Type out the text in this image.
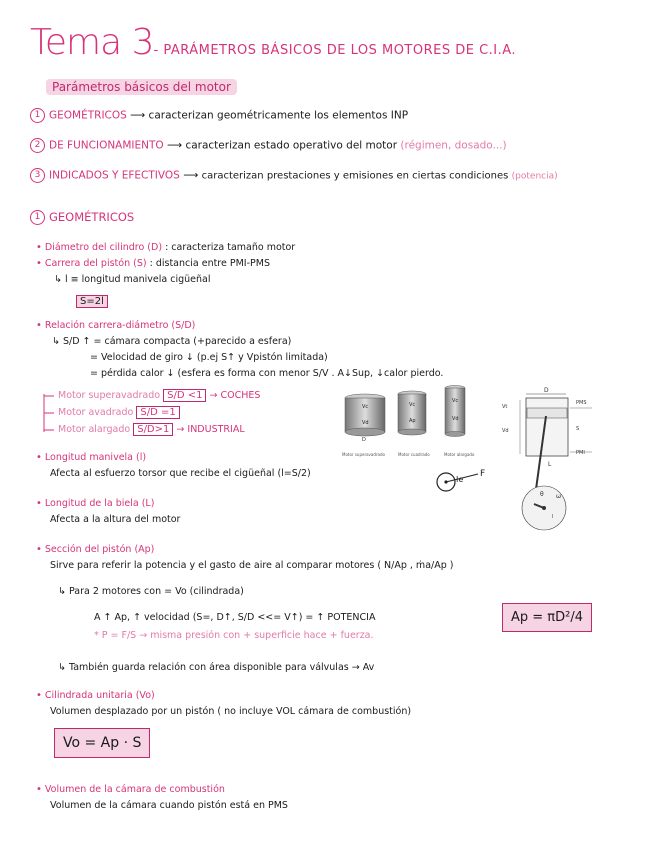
Tema 3- PARÁMETROS BÁSICOS DE LOS MOTORES DE C.I.A.
Parámetros básicos del motor
1 GEOMÉTRICOS ⟶ caracterizan geométricamente los elementos INP
2 DE FUNCIONAMIENTO ⟶ caracterizan estado operativo del motor (régimen, dosado...)
3 INDICADOS Y EFECTIVOS ⟶ caracterizan prestaciones y emisiones en ciertas condiciones (potencia)
1 GEOMÉTRICOS
• Diámetro del cilindro (D) : caracteriza tamaño motor
• Carrera del pistón (S) : distancia entre PMI-PMS
↳ l ≡ longitud manivela cigüeñal
S=2l
• Relación carrera-diámetro (S/D)
↳ S/D ↑ = cámara compacta (+parecido a esfera)
= Velocidad de giro ↓ (p.ej S↑ y Vpistón limitada)
= pérdida calor ↓ (esfera es forma con menor S/V . A↓Sup, ↓calor pierdo.
Motor superavadrado S/D <1 → COCHES
Motor avadrado S/D =1
Motor alargado S/D>1 → INDUSTRIAL
Vc
Vd
D
Vc
Ap
Vc
Vd
Motor superavadrado	Motor cuadrado	Motor alargado
D
Vt
Vd
PMS
S
PMI
L
l
θ ω
• Longitud manivela (l)
Afecta al esfuerzo torsor que recibe el cigüeñal (l=S/2)
Ie
F
• Longitud de la biela (L)
Afecta a la altura del motor
• Sección del pistón (Ap)
Sirve para referir la potencia y el gasto de aire al comparar motores ( N/Ap , ṁa/Ap )
↳ Para 2 motores con = Vo (cilindrada)
A ↑ Ap, ↑ velocidad (S=, D↑, S/D <<= V↑) = ↑ POTENCIA
* P = F/S → misma presión con + superficie hace + fuerza.
Ap = πD²/4
↳ También guarda relación con área disponible para válvulas → Av
• Cilindrada unitaria (Vo)
Volumen desplazado por un pistón ( no incluye VOL cámara de combustión)
Vo = Ap · S
• Volumen de la cámara de combustión
Volumen de la cámara cuando pistón está en PMS
